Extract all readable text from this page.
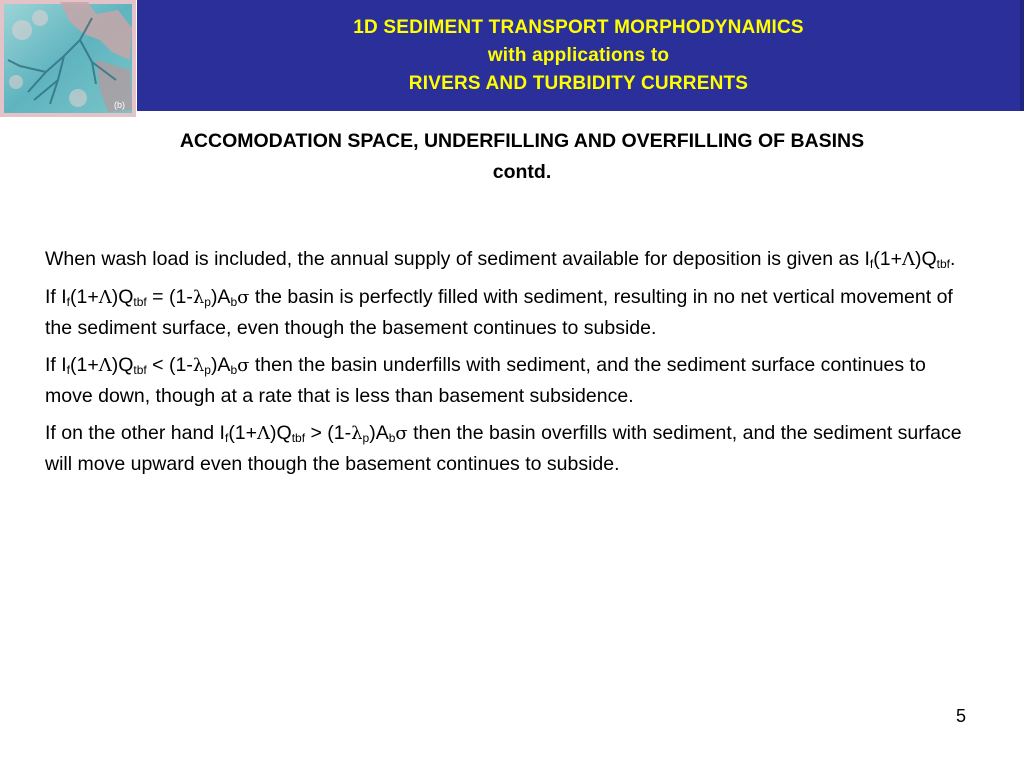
(b)
1D SEDIMENT TRANSPORT MORPHODYNAMICS
with applications to
RIVERS AND TURBIDITY CURRENTS
ACCOMODATION SPACE, UNDERFILLING AND OVERFILLING OF BASINS
contd.

When wash load is included, the annual supply of sediment available for deposition is given as $I_f(1+\Lambda)Q_{tbf}$.

If $I_f(1+\Lambda)Q_{tbf} = (1-\lambda_p)A_b\sigma$ the basin is perfectly filled with sediment, resulting in no net vertical movement of the sediment surface, even though the basement continues to subside.

If $I_f(1+\Lambda)Q_{tbf} < (1-\lambda_p)A_b\sigma$ then the basin underfills with sediment, and the sediment surface continues to move down, though at a rate that is less than basement subsidence.

If on the other hand $I_f(1+\Lambda)Q_{tbf} > (1-\lambda_p)A_b\sigma$ then the basin overfills with sediment, and the sediment surface will move upward even though the basement continues to subside.

5
